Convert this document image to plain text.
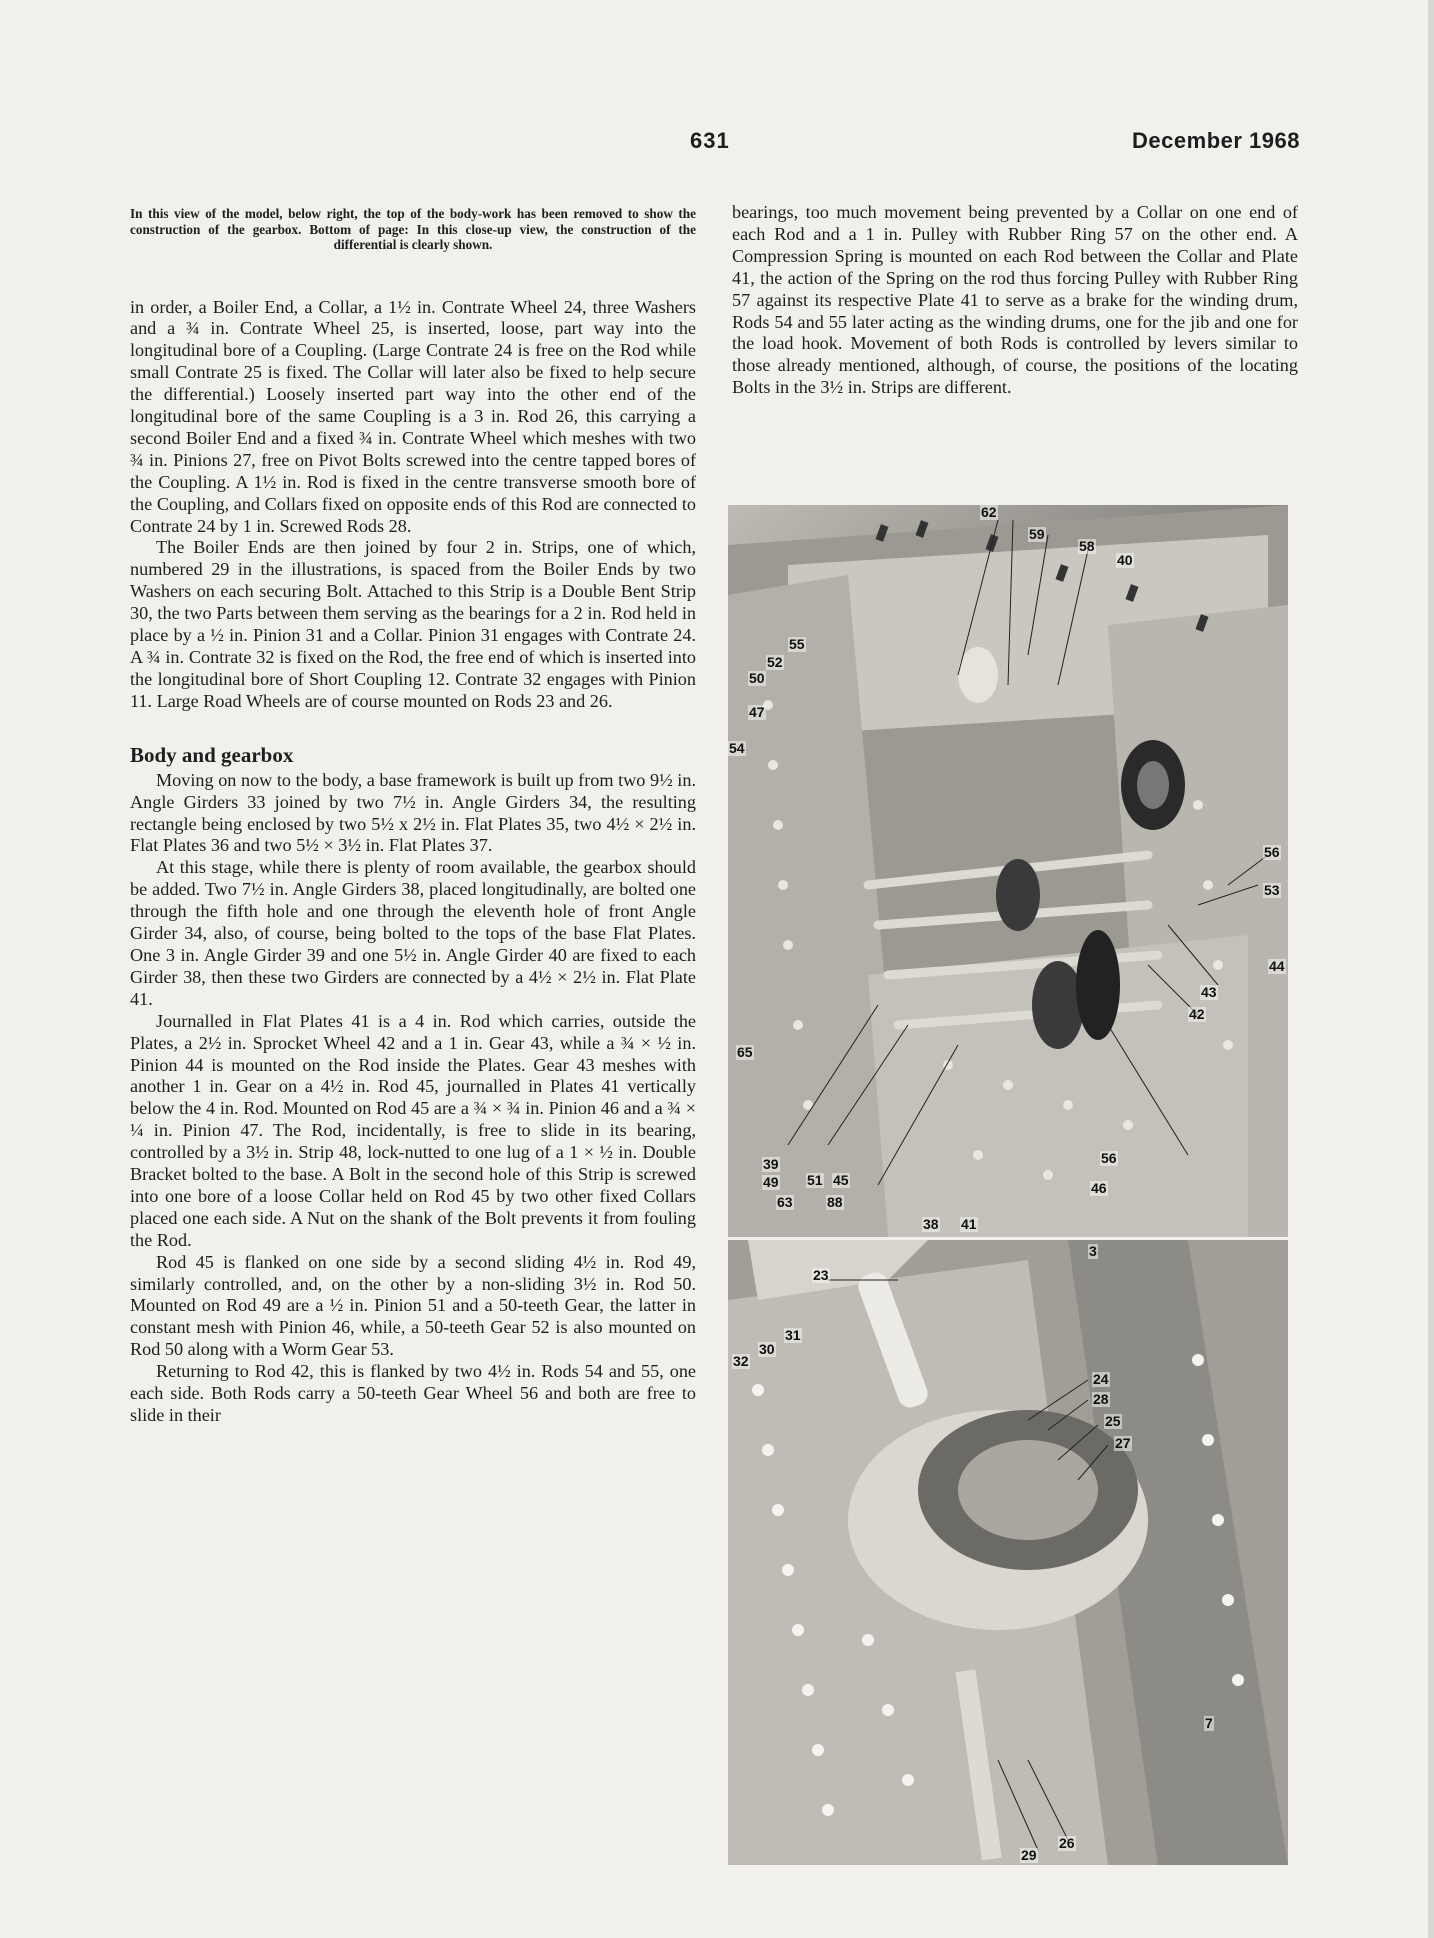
631	December 1968
In this view of the model, below right, the top of the body-work has been removed to show the construction of the gearbox. Bottom of page: In this close-up view, the construction of the differential is clearly shown.

in order, a Boiler End, a Collar, a 1½ in. Contrate Wheel 24, three Washers and a ¾ in. Contrate Wheel 25, is inserted, loose, part way into the longitudinal bore of a Coupling. (Large Contrate 24 is free on the Rod while small Contrate 25 is fixed. The Collar will later also be fixed to help secure the differential.) Loosely inserted part way into the other end of the longitudinal bore of the same Coupling is a 3 in. Rod 26, this carrying a second Boiler End and a fixed ¾ in. Contrate Wheel which meshes with two ¾ in. Pinions 27, free on Pivot Bolts screwed into the centre tapped bores of the Coupling. A 1½ in. Rod is fixed in the centre transverse smooth bore of the Coupling, and Collars fixed on opposite ends of this Rod are connected to Contrate 24 by 1 in. Screwed Rods 28.

The Boiler Ends are then joined by four 2 in. Strips, one of which, numbered 29 in the illustrations, is spaced from the Boiler Ends by two Washers on each securing Bolt. Attached to this Strip is a Double Bent Strip 30, the two Parts between them serving as the bearings for a 2 in. Rod held in place by a ½ in. Pinion 31 and a Collar. Pinion 31 engages with Contrate 24. A ¾ in. Contrate 32 is fixed on the Rod, the free end of which is inserted into the longitudinal bore of Short Coupling 12. Contrate 32 engages with Pinion 11. Large Road Wheels are of course mounted on Rods 23 and 26.

Body and gearbox

Moving on now to the body, a base framework is built up from two 9½ in. Angle Girders 33 joined by two 7½ in. Angle Girders 34, the resulting rectangle being enclosed by two 5½ x 2½ in. Flat Plates 35, two 4½ × 2½ in. Flat Plates 36 and two 5½ × 3½ in. Flat Plates 37.

At this stage, while there is plenty of room available, the gearbox should be added. Two 7½ in. Angle Girders 38, placed longitudinally, are bolted one through the fifth hole and one through the eleventh hole of front Angle Girder 34, also, of course, being bolted to the tops of the base Flat Plates. One 3 in. Angle Girder 39 and one 5½ in. Angle Girder 40 are fixed to each Girder 38, then these two Girders are connected by a 4½ × 2½ in. Flat Plate 41.

Journalled in Flat Plates 41 is a 4 in. Rod which carries, outside the Plates, a 2½ in. Sprocket Wheel 42 and a 1 in. Gear 43, while a ¾ × ½ in. Pinion 44 is mounted on the Rod inside the Plates. Gear 43 meshes with another 1 in. Gear on a 4½ in. Rod 45, journalled in Plates 41 vertically below the 4 in. Rod. Mounted on Rod 45 are a ¾ × ¾ in. Pinion 46 and a ¾ × ¼ in. Pinion 47. The Rod, incidentally, is free to slide in its bearing, controlled by a 3½ in. Strip 48, lock-nutted to one lug of a 1 × ½ in. Double Bracket bolted to the base. A Bolt in the second hole of this Strip is screwed into one bore of a loose Collar held on Rod 45 by two other fixed Collars placed one each side. A Nut on the shank of the Bolt prevents it from fouling the Rod.

Rod 45 is flanked on one side by a second sliding 4½ in. Rod 49, similarly controlled, and, on the other by a non-sliding 3½ in. Rod 50. Mounted on Rod 49 are a ½ in. Pinion 51 and a 50-teeth Gear, the latter in constant mesh with Pinion 46, while, a 50-teeth Gear 52 is also mounted on Rod 50 along with a Worm Gear 53.

Returning to Rod 42, this is flanked by two 4½ in. Rods 54 and 55, one each side. Both Rods carry a 50-teeth Gear Wheel 56 and both are free to slide in their

bearings, too much movement being prevented by a Collar on one end of each Rod and a 1 in. Pulley with Rubber Ring 57 on the other end. A Compression Spring is mounted on each Rod between the Collar and Plate 41, the action of the Spring on the rod thus forcing Pulley with Rubber Ring 57 against its respective Plate 41 to serve as a brake for the winding drum, Rods 54 and 55 later acting as the winding drums, one for the jib and one for the load hook. Movement of both Rods is controlled by levers similar to those already mentioned, although, of course, the positions of the locating Bolts in the 3½ in. Strips are different.

62
59
58
40
55
52
50
47
54
56
53
44
43
42
65
56
46
39
49 51 45
63 88
38 41
23
3
31
30
32
24
28
25
27
7
26
29
